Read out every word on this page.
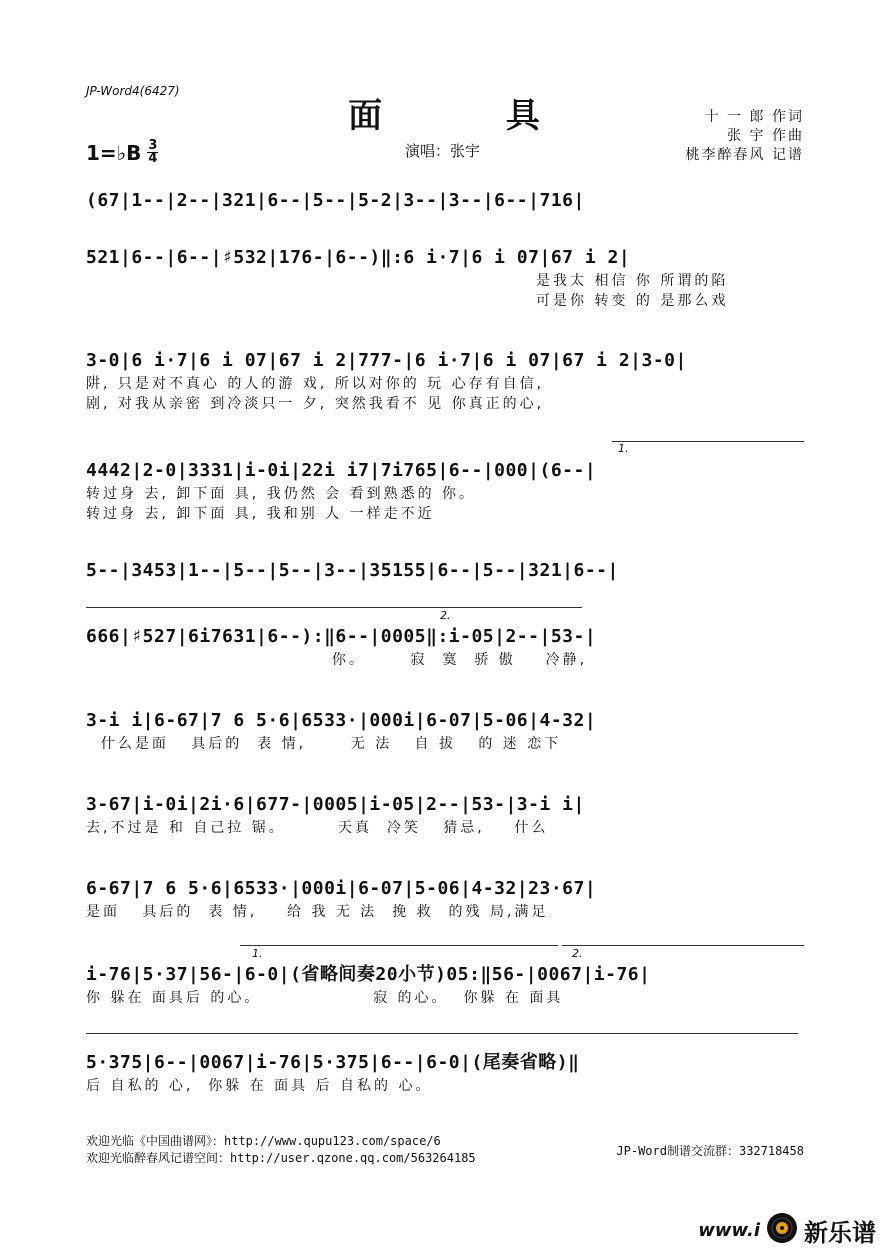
JP-Word4(6427)
面 具	十 一 郎 作词
张 宇 作曲
桃李醉春风 记谱
1=♭B $\frac{3}{4}$	演唱：张宇
(67|1--|2--|321|6--|5--|5-2|3--|3--|6--|716|
521|6--|6--|♯532|176-|6--)‖:6 i·7|6 i 07|67 i 2|
是我太 相信 你 所谓的陷
可是你 转变 的 是那么戏
3-0|6 i·7|6 i 07|67 i 2|777-|6 i·7|6 i 07|67 i 2|3-0|
阱, 只是对不真心 的人的游 戏, 所以对你的 玩 心存有自信,
剧, 对我从亲密 到冷淡只一 夕, 突然我看不 见 你真正的心,
1.
4442|2-0|3331|i-0i|22i i7|7i765|6--|000|(6--|
转过身 去, 卸下面 具, 我仍然 会 看到熟悉的 你。
转过身 去, 卸下面 具, 我和别 人 一样走不近
5--|3453|1--|5--|5--|3--|35155|6--|5--|321|6--|
2.
666|♯527|6i7631|6--):‖6--|0005‖:i-05|2--|53-|
你。      寂  寞  骄 傲    冷静,
3-i i|6-67|7 6 5·6|6533·|000i|6-07|5-06|4-32|
什么是面   具后的  表 情,      无 法   自 拔   的 迷 恋下
3-67|i-0i|2i·6|677-|0005|i-05|2--|53-|3-i i|
去,不过是 和 自己拉 锯。       天真  冷笑   猜忌,    什么
6-67|7 6 5·6|6533·|000i|6-07|5-06|4-32|23·67|
是面   具后的  表 情,    给 我 无 法  挽 救  的残 局,满足
1.	2.
i-76|5·37|56-|6-0|(省略间奏20小节)05:‖56-|0067|i-76|
你 躲在 面具后 的心。               寂 的心。  你躲 在 面具
5·375|6--|0067|i-76|5·375|6--|6-0|(尾奏省略)‖
后 自私的 心,  你躲 在 面具 后 自私的 心。
欢迎光临《中国曲谱网》：http://www.qupu123.com/space/6
欢迎光临醉春风记谱空间：http://user.qzone.qq.com/563264185	JP-Word制谱交流群：332718458
www.i 新乐谱
